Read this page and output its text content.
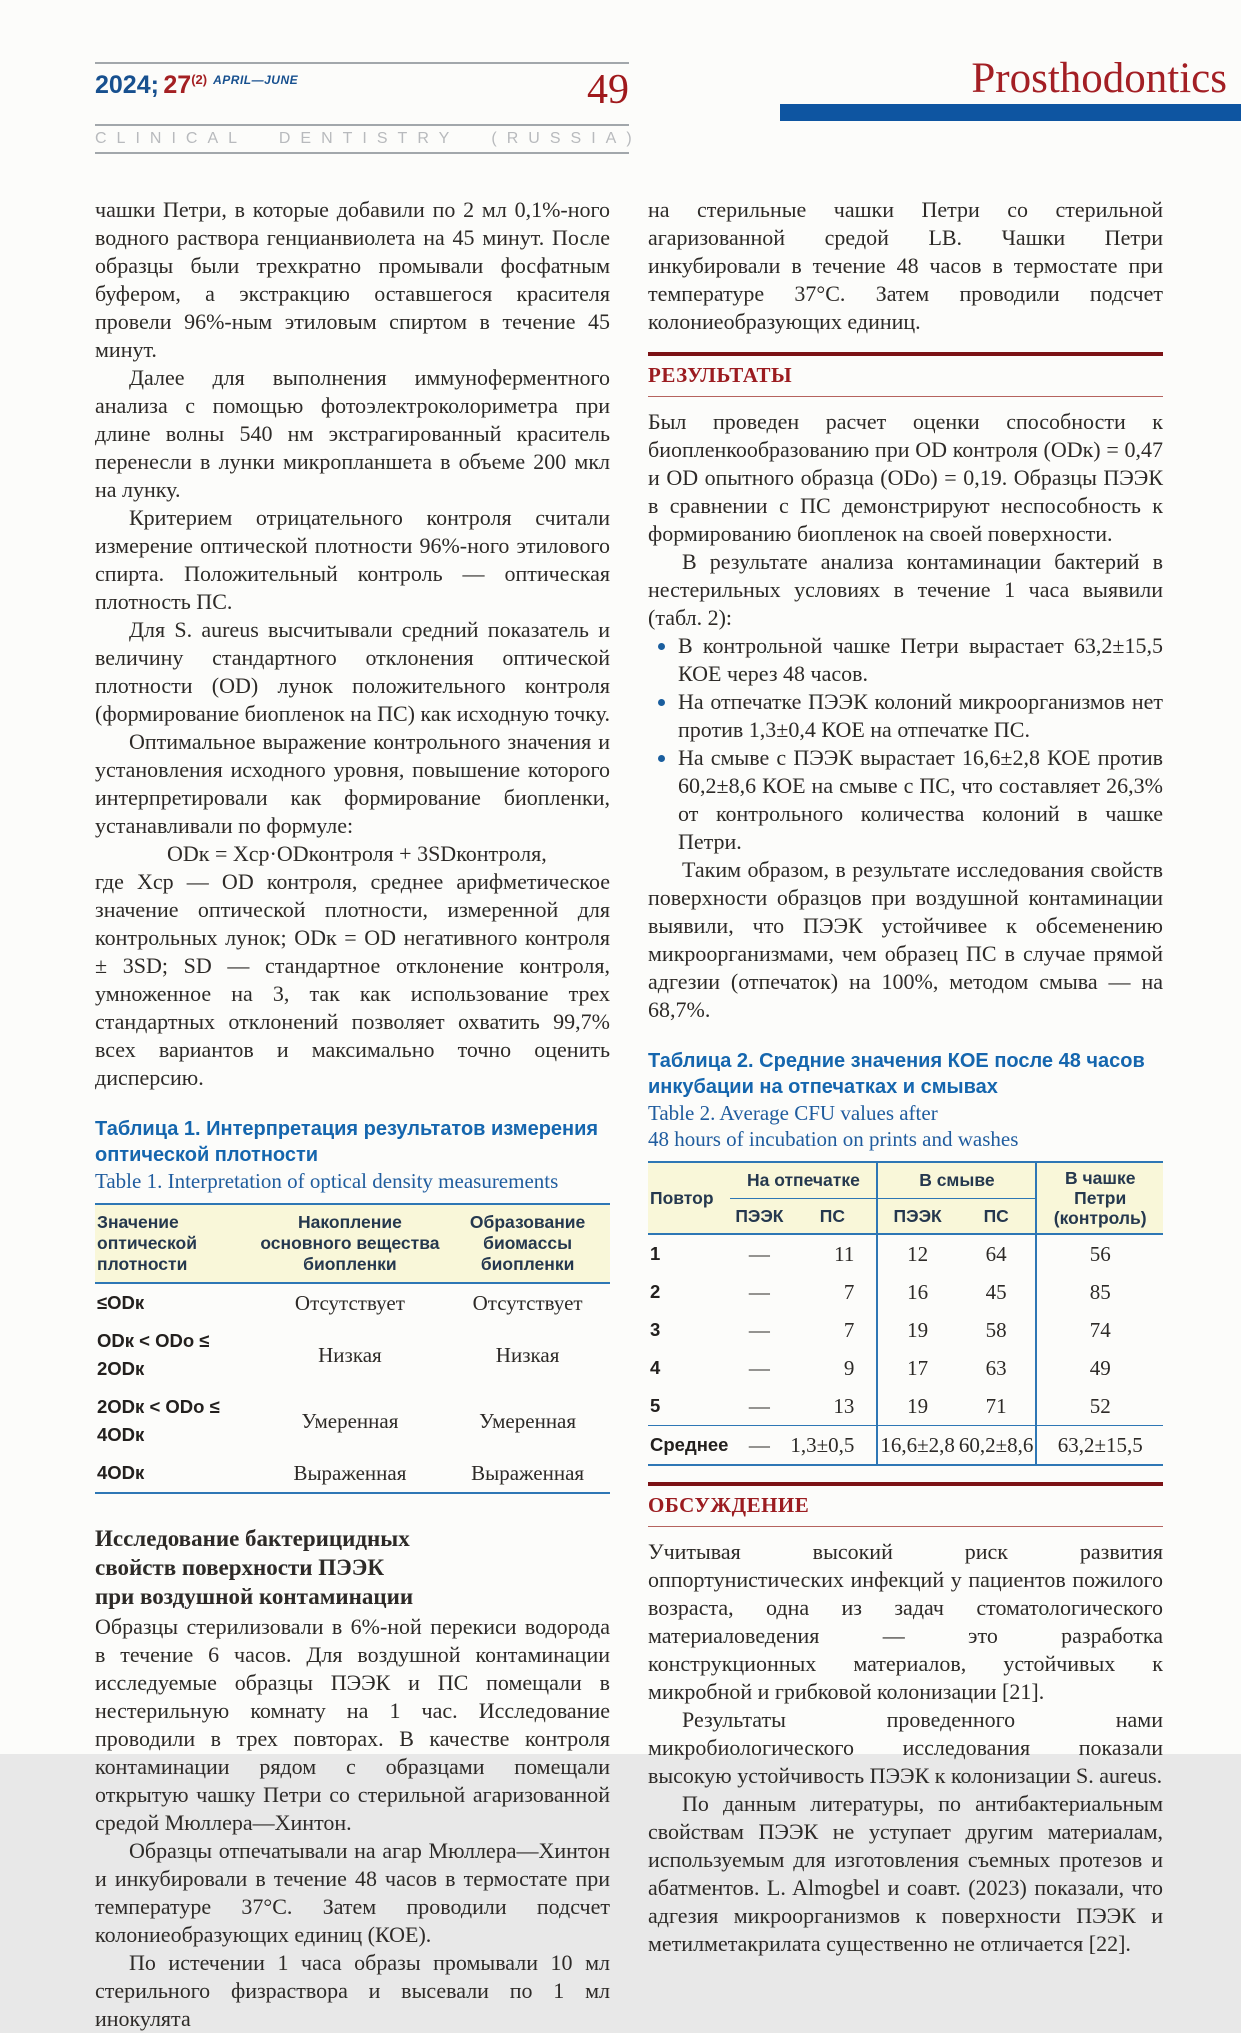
2024; 27$^{(2)}$ $^{APRIL—JUNE}$	49
CLINICAL DENTISTRY (RUSSIA)
Prosthodontics

чашки Петри, в которые добавили по 2 мл 0,1%-ного водного раствора генцианвиолета на 45 минут. После образцы были трехкратно промывали фосфатным буфером, а экстракцию оставшегося красителя провели 96%-ным этиловым спиртом в течение 45 минут.

Далее для выполнения иммуноферментного анализа с помощью фотоэлектроколориметра при длине волны 540 нм экстрагированный краситель перенесли в лунки микропланшета в объеме 200 мкл на лунку.

Критерием отрицательного контроля считали измерение оптической плотности 96%-ного этилового спирта. Положительный контроль — оптическая плотность ПС.

Для S. aureus высчитывали средний показатель и величину стандартного отклонения оптической плотности (OD) лунок положительного контроля (формирование биопленок на ПС) как исходную точку.

Оптимальное выражение контрольного значения и установления исходного уровня, повышение которого интерпретировали как формирование биопленки, устанавливали по формуле:

ODк = Хср·ODконтроля + 3SDконтроля,

где Хср — OD контроля, среднее арифметическое значение оптической плотности, измеренной для контрольных лунок; ODк = OD негативного контроля ± 3SD; SD — стандартное отклонение контроля, умноженное на 3, так как использование трех стандартных отклонений позволяет охватить 99,7% всех вариантов и максимально точно оценить дисперсию.

Таблица 1. Интерпретация результатов измерения оптической плотности
Table 1. Interpretation of optical density measurements
Значение оптической плотности	Накопление основного вещества биопленки	Образование биомассы биопленки
≤ODк	Отсутствует	Отсутствует
ODк < ODо ≤ 2ODк	Низкая	Низкая
2ODк < ODо ≤ 4ODк	Умеренная	Умеренная
4ODк	Выраженная	Выраженная
Исследование бактерицидных
свойств поверхности ПЭЭК
при воздушной контаминации

Образцы стерилизовали в 6%-ной перекиси водорода в течение 6 часов. Для воздушной контаминации исследуемые образцы ПЭЭК и ПС помещали в нестерильную комнату на 1 час. Исследование проводили в трех повторах. В качестве контроля контаминации рядом с образцами помещали открытую чашку Петри со стерильной агаризованной средой Мюллера—Хинтон.

Образцы отпечатывали на агар Мюллера—Хинтон и инкубировали в течение 48 часов в термостате при температуре 37°C. Затем проводили подсчет колониеобразующих единиц (КОЕ).

По истечении 1 часа образы промывали 10 мл стерильного физраствора и высевали по 1 мл инокулята

на стерильные чашки Петри со стерильной агаризованной средой LB. Чашки Петри инкубировали в течение 48 часов в термостате при температуре 37°C. Затем проводили подсчет колониеобразующих единиц.

РЕЗУЛЬТАТЫ

Был проведен расчет оценки способности к биопленкообразованию при OD контроля (ODк) = 0,47 и OD опытного образца (ODо) = 0,19. Образцы ПЭЭК в сравнении с ПС демонстрируют неспособность к формированию биопленок на своей поверхности.

В результате анализа контаминации бактерий в нестерильных условиях в течение 1 часа выявили (табл. 2):

В контрольной чашке Петри вырастает 63,2±15,5 КОЕ через 48 часов.
На отпечатке ПЭЭК колоний микроорганизмов нет против 1,3±0,4 КОЕ на отпечатке ПС.
На смыве с ПЭЭК вырастает 16,6±2,8 КОЕ против 60,2±8,6 КОЕ на смыве с ПС, что составляет 26,3% от контрольного количества колоний в чашке Петри.

Таким образом, в результате исследования свойств поверхности образцов при воздушной контаминации выявили, что ПЭЭК устойчивее к обсеменению микроорганизмами, чем образец ПС в случае прямой адгезии (отпечаток) на 100%, методом смыва — на 68,7%.

Таблица 2. Средние значения КОЕ после 48 часов инкубации на отпечатках и смывах
Table 2. Average CFU values after
48 hours of incubation on prints and washes
Повтор	На отпечатке		В смыве		В чашке Петри (контроль)
	ПЭЭК	ПС	ПЭЭК	ПС	
1	—	11	12	64	56
2	—	7	16	45	85
3	—	7	19	58	74
4	—	9	17	63	49
5	—	13	19	71	52
Среднее	—	1,3±0,5	16,6±2,8	60,2±8,6	63,2±15,5
ОБСУЖДЕНИЕ

Учитывая высокий риск развития оппортунистических инфекций у пациентов пожилого возраста, одна из задач стоматологического материаловедения — это разработка конструкционных материалов, устойчивых к микробной и грибковой колонизации [21].

Результаты проведенного нами микробиологического исследования показали высокую устойчивость ПЭЭК к колонизации S. aureus.

По данным литературы, по антибактериальным свойствам ПЭЭК не уступает другим материалам, используемым для изготовления съемных протезов и абатментов. L. Almogbel и соавт. (2023) показали, что адгезия микроорганизмов к поверхности ПЭЭК и метилметакрилата существенно не отличается [22].
